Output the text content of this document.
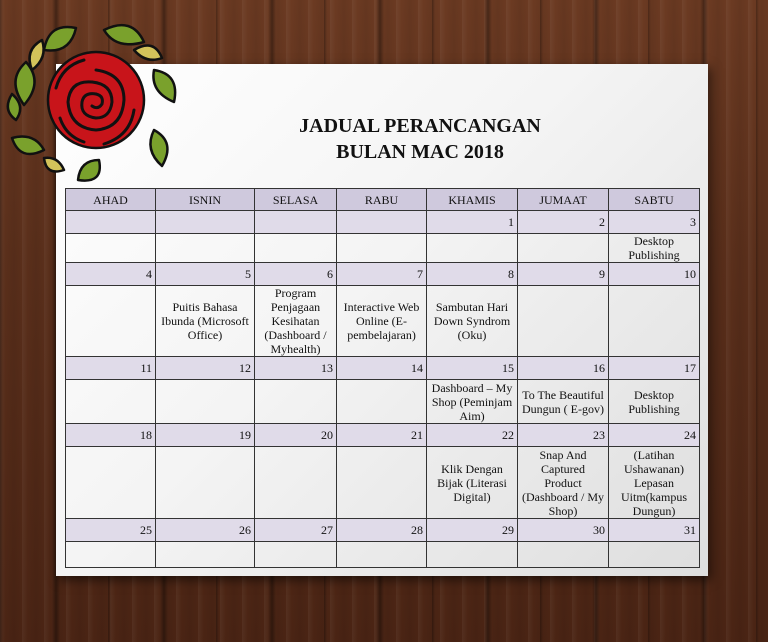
JADUAL PERANCANGAN
BULAN MAC 2018
AHAD	ISNIN	SELASA	RABU	KHAMIS	JUMAAT	SABTU
				1	2	3
						Desktop Publishing
4	5	6	7	8	9	10
	Puitis Bahasa Ibunda (Microsoft Office)	Program Penjagaan Kesihatan (Dashboard / Myhealth)	Interactive Web Online (E-pembelajaran)	Sambutan Hari Down Syndrom (Oku)		
11	12	13	14	15	16	17
				Dashboard – My Shop (Peminjam Aim)	To The Beautiful Dungun ( E-gov)	Desktop Publishing
18	19	20	21	22	23	24
				Klik Dengan Bijak (Literasi Digital)	Snap And Captured Product (Dashboard / My Shop)	(Latihan Ushawanan) Lepasan Uitm(kampus Dungun)
25	26	27	28	29	30	31
